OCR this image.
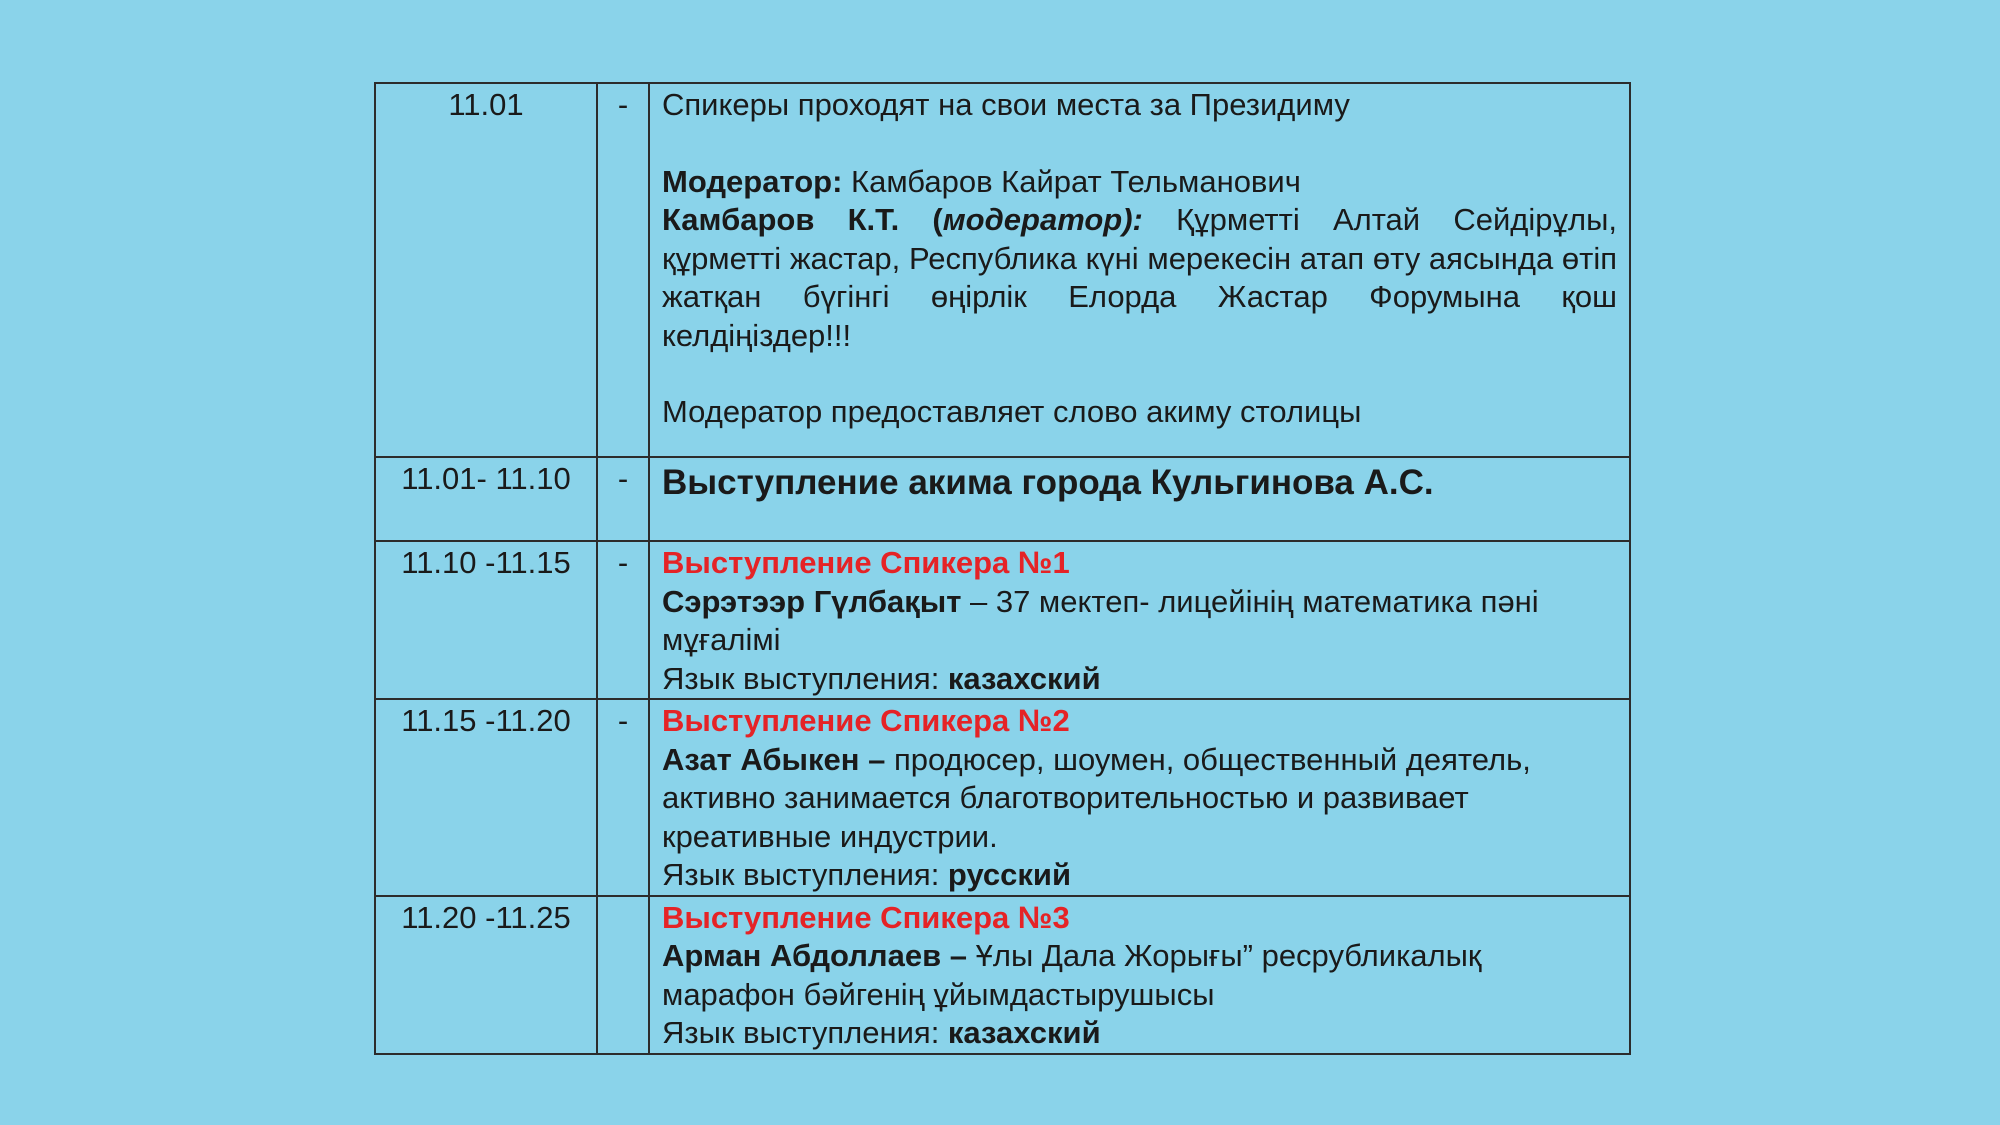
11.01	-	Спикеры проходят на свои места за Президиму

Модератор: Камбаров Кайрат Тельманович

Камбаров К.Т. (модератор): Құрметті Алтай Сейдірұлы, құрметті жастар, Республика күні мерекесін атап өту аясында өтіп жатқан бүгінгі өңірлік Елорда Жастар Форумына қош келдіңіздер!!!

Модератор предоставляет слово акиму столицы

11.01- 11.10	-	Выступление акима города Кульгинова А.С.

11.10 -11.15	-	Выступление Спикера №1

Сэрэтээр Гүлбақыт – 37 мектеп- лицейінің математика пәні мұғалімі

Язык выступления: казахский

11.15 -11.20	-	Выступление Спикера №2

Азат Абыкен – продюсер, шоумен, общественный деятель, активно занимается благотворительностью и развивает креативные индустрии.

Язык выступления: русский

11.20 -11.25		Выступление Спикера №3

Арман Абдоллаев – Ұлы Дала Жорығы” ресрубликалық марафон бәйгенің ұйымдастырушысы

Язык выступления: казахский
